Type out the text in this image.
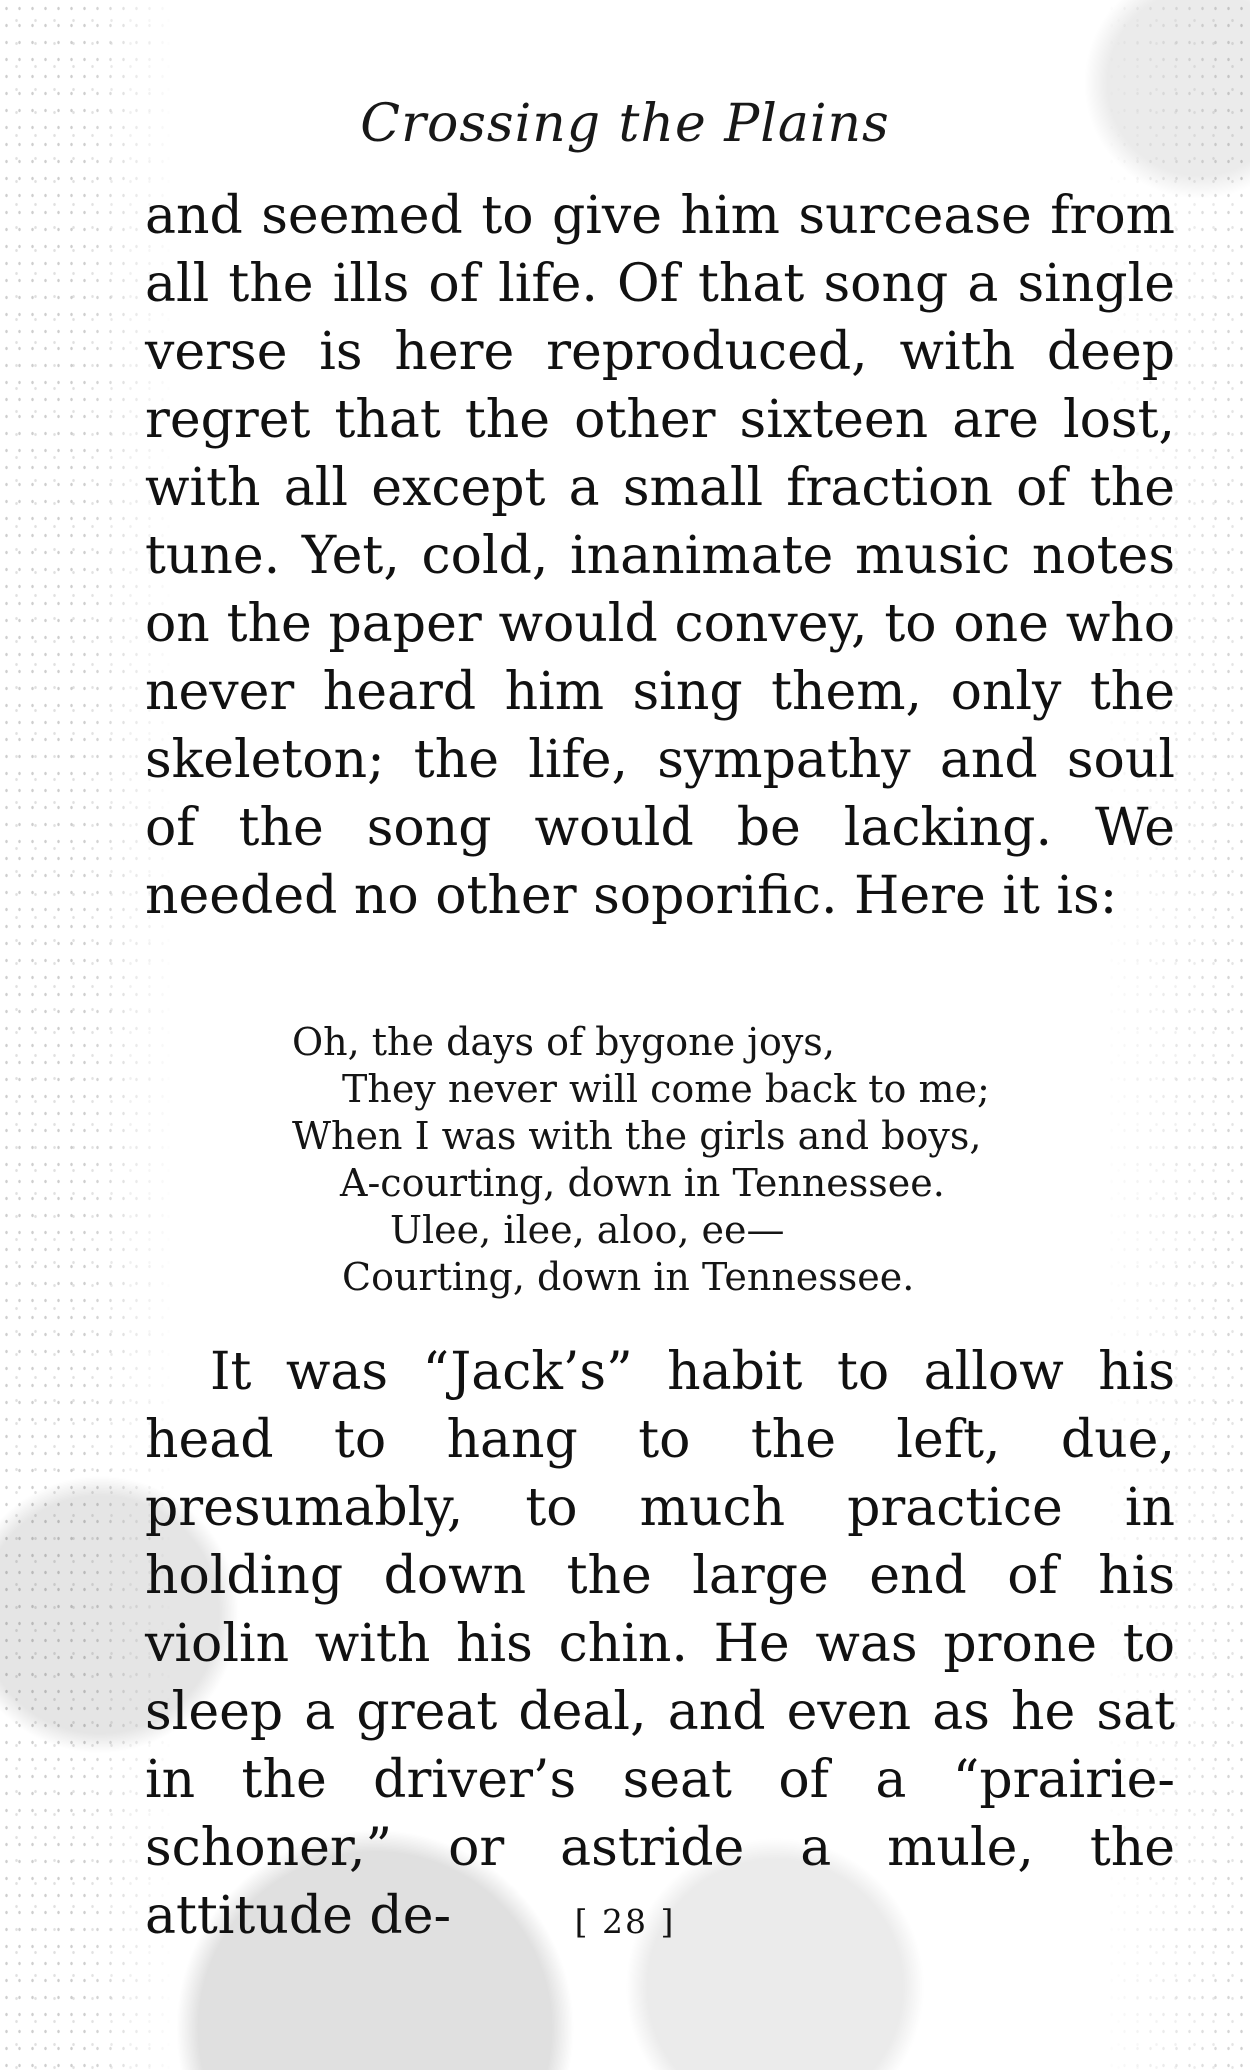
Crossing the Plains
and seemed to give him surcease from all the ills of life. Of that song a single verse is here reproduced, with deep regret that the other sixteen are lost, with all except a small fraction of the tune. Yet, cold, inanimate music notes on the paper would convey, to one who never heard him sing them, only the skeleton; the life, sympathy and soul of the song would be lacking. We needed no other soporific. Here it is:
Oh, the days of bygone joys,
They never will come back to me;
When I was with the girls and boys,
A-courting, down in Tennessee.
Ulee, ilee, aloo, ee—
Courting, down in Tennessee.
It was “Jack’s” habit to allow his head to hang to the left, due, presumably, to much practice in holding down the large end of his violin with his chin. He was prone to sleep a great deal, and even as he sat in the driver’s seat of a “prairie-schoner,” or astride a mule, the attitude de-	[ 28 ]
